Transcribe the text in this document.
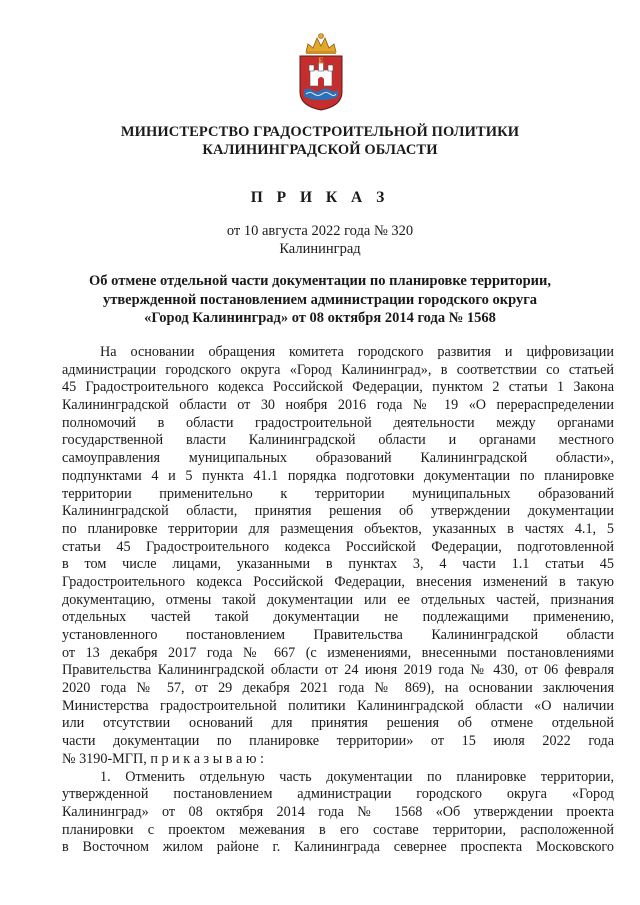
Е
МИНИСТЕРСТВО ГРАДОСТРОИТЕЛЬНОЙ ПОЛИТИКИ
КАЛИНИНГРАДСКОЙ ОБЛАСТИ
П Р И К А З
от 10 августа 2022 года № 320
Калининград
Об отмене отдельной части документации по планировке территории,
утвержденной постановлением администрации городского округа
«Город Калининград» от 08 октября 2014 года № 1568
На основании обращения комитета городского развития и цифровизации
администрации городского округа «Город Калининград», в соответствии со статьей
45 Градостроительного кодекса Российской Федерации, пунктом 2 статьи 1 Закона
Калининградской области от 30 ноября 2016 года № 19 «О перераспределении
полномочий в области градостроительной деятельности между органами
государственной власти Калининградской области и органами местного
самоуправления муниципальных образований Калининградской области»,
подпунктами 4 и 5 пункта 41.1 порядка подготовки документации по планировке
территории применительно к территории муниципальных образований
Калининградской области, принятия решения об утверждении документации
по планировке территории для размещения объектов, указанных в частях 4.1, 5
статьи 45 Градостроительного кодекса Российской Федерации, подготовленной
в том числе лицами, указанными в пунктах 3, 4 части 1.1 статьи 45
Градостроительного кодекса Российской Федерации, внесения изменений в такую
документацию, отмены такой документации или ее отдельных частей, признания
отдельных частей такой документации не подлежащими применению,
установленного постановлением Правительства Калининградской области
от 13 декабря 2017 года № 667 (с изменениями, внесенными постановлениями
Правительства Калининградской области от 24 июня 2019 года № 430, от 06 февраля
2020 года № 57, от 29 декабря 2021 года № 869), на основании заключения
Министерства градостроительной политики Калининградской области «О наличии
или отсутствии оснований для принятия решения об отмене отдельной
части документации по планировке территории» от 15 июля 2022 года
№ 3190-МГП, п р и к а з ы в а ю :
1. Отменить отдельную часть документации по планировке территории,
утвержденной постановлением администрации городского округа «Город
Калининград» от 08 октября 2014 года № 1568 «Об утверждении проекта
планировки с проектом межевания в его составе территории, расположенной
в Восточном жилом районе г. Калининграда севернее проспекта Московского
